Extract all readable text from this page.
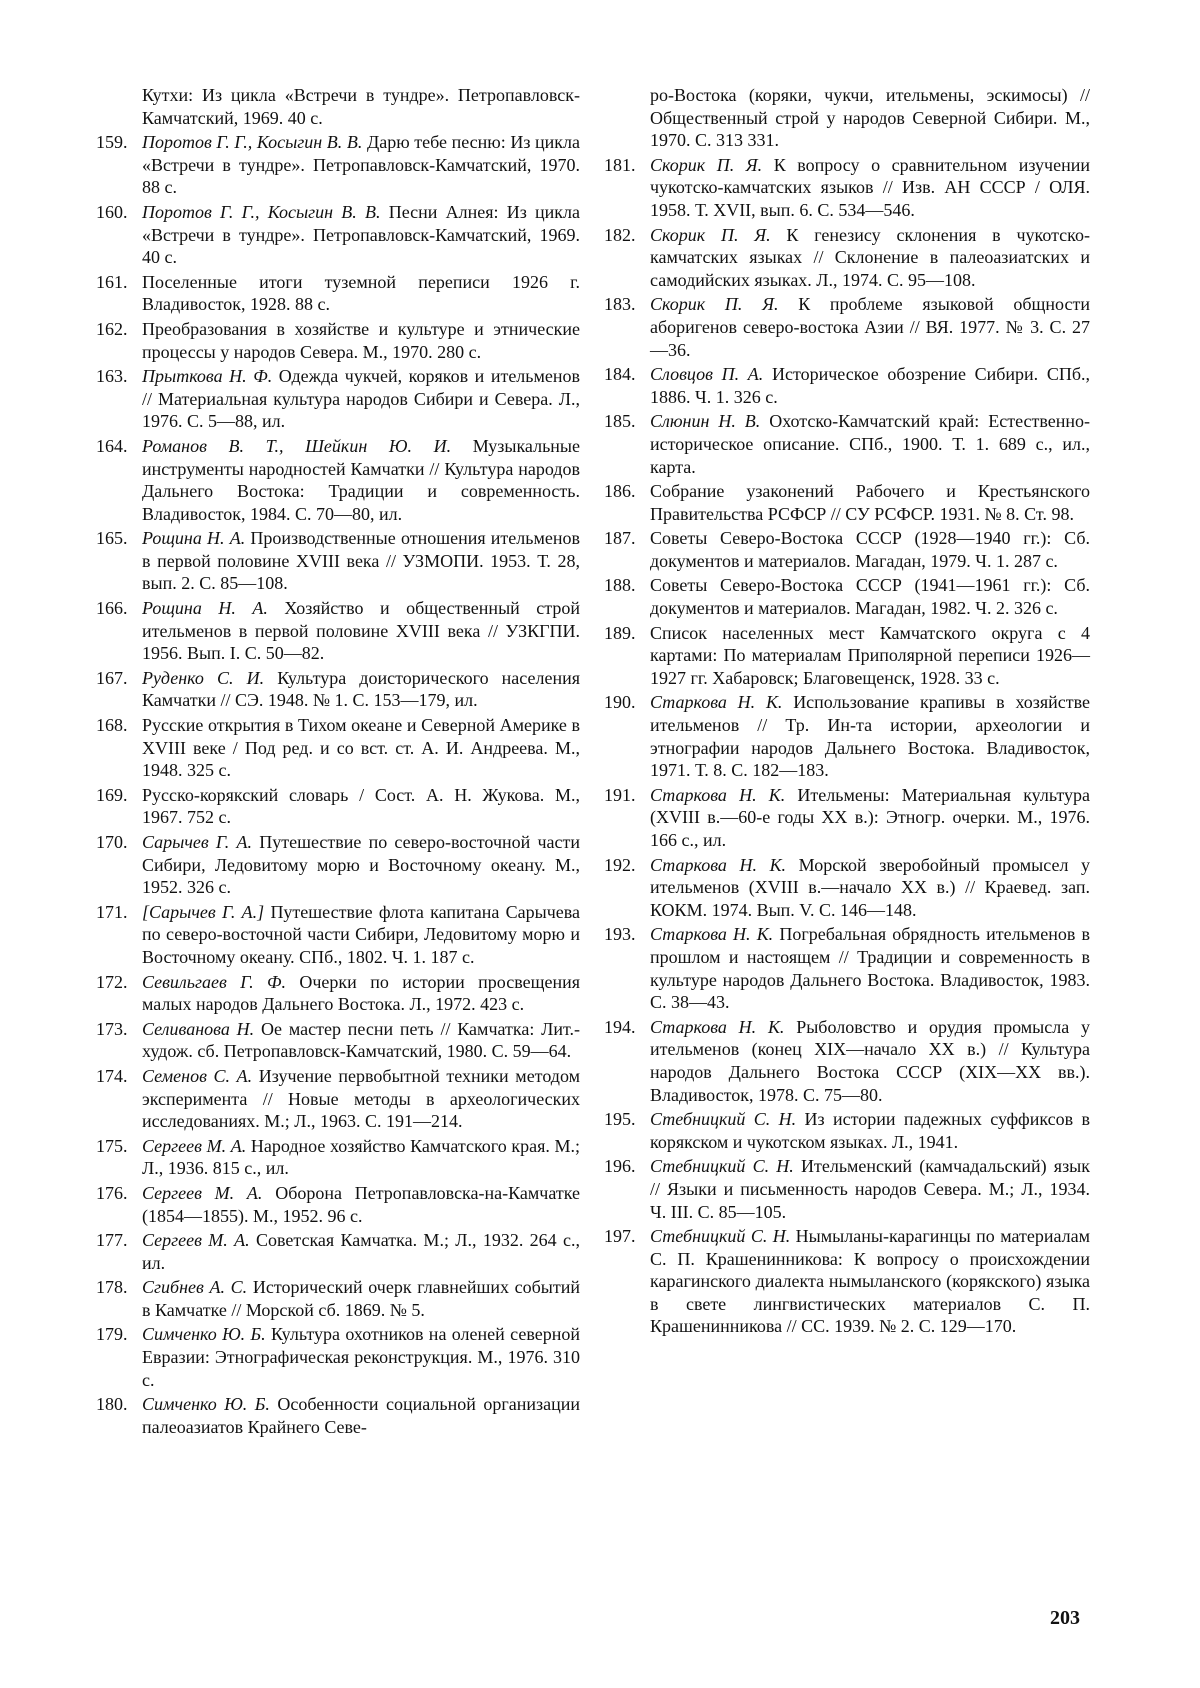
Кутхи: Из цикла «Встречи в тундре». Петропавловск-Камчатский, 1969. 40 с.
159. Поротов Г. Г., Косыгин В. В. Дарю тебе песню: Из цикла «Встречи в тундре». Петропавловск-Камчатский, 1970. 88 с.
160. Поротов Г. Г., Косыгин В. В. Песни Алнея: Из цикла «Встречи в тундре». Петропавловск-Камчатский, 1969. 40 с.
161. Поселенные итоги туземной переписи 1926 г. Владивосток, 1928. 88 с.
162. Преобразования в хозяйстве и культуре и этнические процессы у народов Севера. М., 1970. 280 с.
163. Прыткова Н. Ф. Одежда чукчей, коряков и ительменов // Материальная культура народов Сибири и Севера. Л., 1976. С. 5—88, ил.
164. Романов В. Т., Шейкин Ю. И. Музыкальные инструменты народностей Камчатки // Культура народов Дальнего Востока: Традиции и современность. Владивосток, 1984. С. 70—80, ил.
165. Рощина Н. А. Производственные отношения ительменов в первой половине XVIII века // УЗМОПИ. 1953. Т. 28, вып. 2. С. 85—108.
166. Рощина Н. А. Хозяйство и общественный строй ительменов в первой половине XVIII века // УЗКГПИ. 1956. Вып. I. С. 50—82.
167. Руденко С. И. Культура доисторического населения Камчатки // СЭ. 1948. № 1. С. 153—179, ил.
168. Русские открытия в Тихом океане и Северной Америке в XVIII веке / Под ред. и со вст. ст. А. И. Андреева. М., 1948. 325 с.
169. Русско-корякский словарь / Сост. А. Н. Жукова. М., 1967. 752 с.
170. Сарычев Г. А. Путешествие по северо-восточной части Сибири, Ледовитому морю и Восточному океану. М., 1952. 326 с.
171. [Сарычев Г. А.] Путешествие флота капитана Сарычева по северо-восточной части Сибири, Ледовитому морю и Восточному океану. СПб., 1802. Ч. 1. 187 с.
172. Севильгаев Г. Ф. Очерки по истории просвещения малых народов Дальнего Востока. Л., 1972. 423 с.
173. Селиванова Н. Ое мастер песни петь // Камчатка: Лит.-худож. сб. Петропавловск-Камчатский, 1980. С. 59—64.
174. Семенов С. А. Изучение первобытной техники методом эксперимента // Новые методы в археологических исследованиях. М.; Л., 1963. С. 191—214.
175. Сергеев М. А. Народное хозяйство Камчатского края. М.; Л., 1936. 815 с., ил.
176. Сергеев М. А. Оборона Петропавловска-на-Камчатке (1854—1855). М., 1952. 96 с.
177. Сергеев М. А. Советская Камчатка. М.; Л., 1932. 264 с., ил.
178. Сгибнев А. С. Исторический очерк главнейших событий в Камчатке // Морской сб. 1869. № 5.
179. Симченко Ю. Б. Культура охотников на оленей северной Евразии: Этнографическая реконструкция. М., 1976. 310 с.
180. Симченко Ю. Б. Особенности социальной организации палеоазиатов Крайнего Севе-
ро-Востока (коряки, чукчи, ительмены, эскимосы) // Общественный строй у народов Северной Сибири. М., 1970. С. 313 331.
181. Скорик П. Я. К вопросу о сравнительном изучении чукотско-камчатских языков // Изв. АН СССР / ОЛЯ. 1958. Т. XVII, вып. 6. С. 534—546.
182. Скорик П. Я. К генезису склонения в чукотско-камчатских языках // Склонение в палеоазиатских и самодийских языках. Л., 1974. С. 95—108.
183. Скорик П. Я. К проблеме языковой общности аборигенов северо-востока Азии // ВЯ. 1977. № 3. С. 27—36.
184. Словцов П. А. Историческое обозрение Сибири. СПб., 1886. Ч. 1. 326 с.
185. Слюнин Н. В. Охотско-Камчатский край: Естественно-историческое описание. СПб., 1900. Т. 1. 689 с., ил., карта.
186. Собрание узаконений Рабочего и Крестьянского Правительства РСФСР // СУ РСФСР. 1931. № 8. Ст. 98.
187. Советы Северо-Востока СССР (1928—1940 гг.): Сб. документов и материалов. Магадан, 1979. Ч. 1. 287 с.
188. Советы Северо-Востока СССР (1941—1961 гг.): Сб. документов и материалов. Магадан, 1982. Ч. 2. 326 с.
189. Список населенных мест Камчатского округа с 4 картами: По материалам Приполярной переписи 1926—1927 гг. Хабаровск; Благовещенск, 1928. 33 с.
190. Старкова Н. К. Использование крапивы в хозяйстве ительменов // Тр. Ин-та истории, археологии и этнографии народов Дальнего Востока. Владивосток, 1971. Т. 8. С. 182—183.
191. Старкова Н. К. Ительмены: Материальная культура (XVIII в.—60-е годы XX в.): Этногр. очерки. М., 1976. 166 с., ил.
192. Старкова Н. К. Морской зверобойный промысел у ительменов (XVIII в.—начало XX в.) // Краевед. зап. КОКМ. 1974. Вып. V. С. 146—148.
193. Старкова Н. К. Погребальная обрядность ительменов в прошлом и настоящем // Традиции и современность в культуре народов Дальнего Востока. Владивосток, 1983. С. 38—43.
194. Старкова Н. К. Рыболовство и орудия промысла у ительменов (конец XIX—начало XX в.) // Культура народов Дальнего Востока СССР (XIX—XX вв.). Владивосток, 1978. С. 75—80.
195. Стебницкий С. Н. Из истории падежных суффиксов в корякском и чукотском языках. Л., 1941.
196. Стебницкий С. Н. Ительменский (камчадальский) язык // Языки и письменность народов Севера. М.; Л., 1934. Ч. III. С. 85—105.
197. Стебницкий С. Н. Нымыланы-карагинцы по материалам С. П. Крашенинникова: К вопросу о происхождении карагинского диалекта нымыланского (корякского) языка в свете лингвистических материалов С. П. Крашенинникова // СС. 1939. № 2. С. 129—170.
203
